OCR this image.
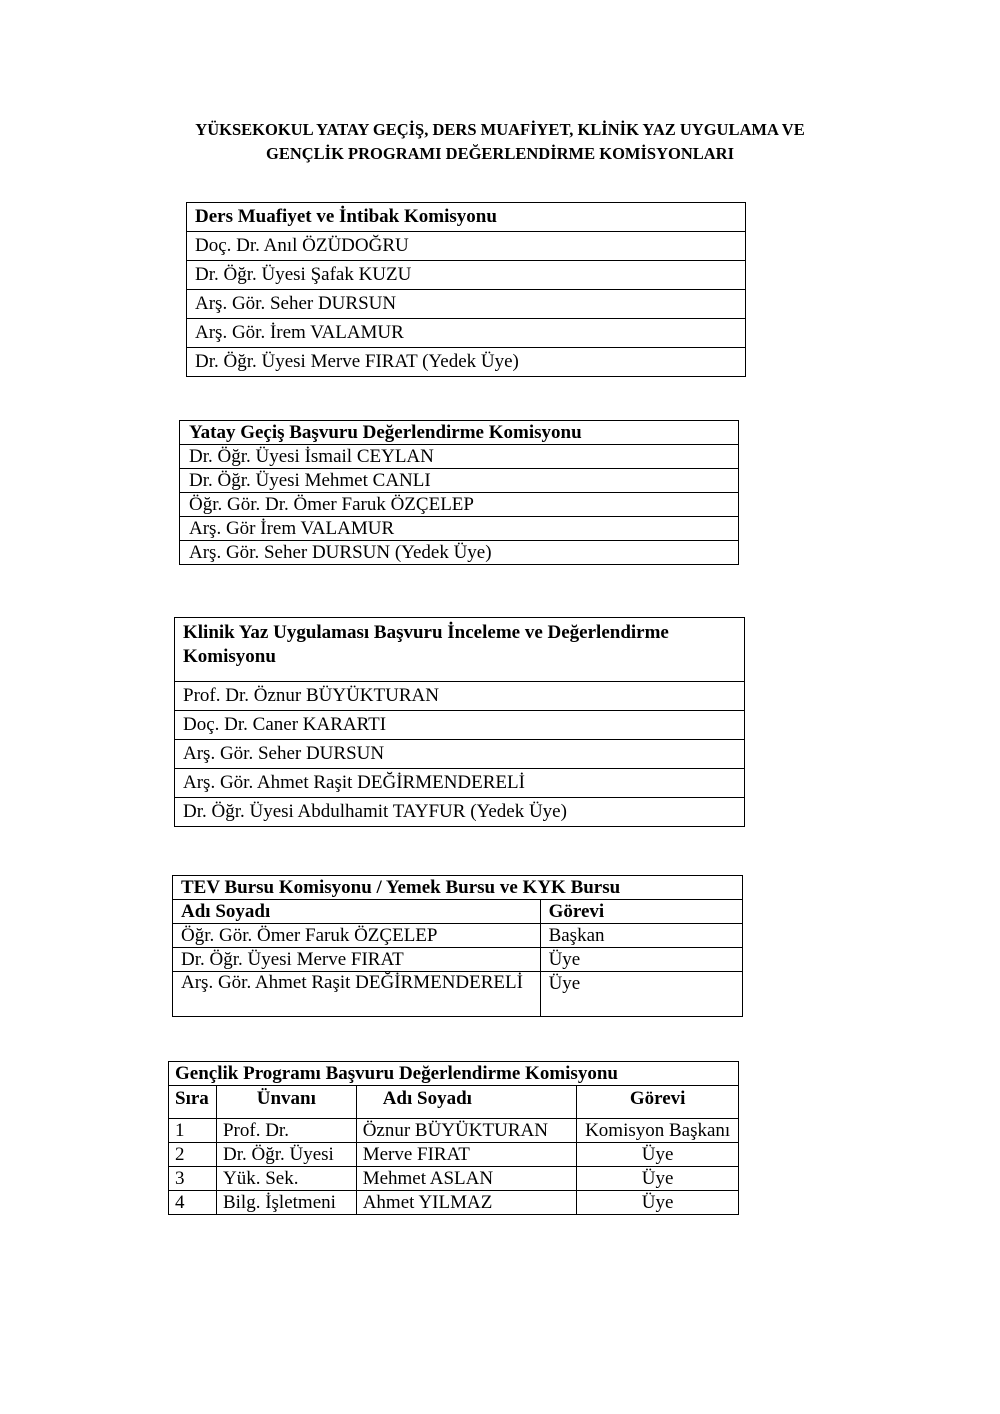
YÜKSEKOKUL YATAY GEÇİŞ, DERS MUAFİYET, KLİNİK YAZ UYGULAMA VE
GENÇLİK PROGRAMI DEĞERLENDİRME KOMİSYONLARI
Ders Muafiyet ve İntibak Komisyonu
Doç. Dr. Anıl ÖZÜDOĞRU
Dr. Öğr. Üyesi Şafak KUZU
Arş. Gör. Seher DURSUN
Arş. Gör. İrem VALAMUR
Dr. Öğr. Üyesi Merve FIRAT (Yedek Üye)
Yatay Geçiş Başvuru Değerlendirme Komisyonu
Dr. Öğr. Üyesi İsmail CEYLAN
Dr. Öğr. Üyesi Mehmet CANLI
Öğr. Gör. Dr. Ömer Faruk ÖZÇELEP
Arş. Gör İrem VALAMUR
Arş. Gör. Seher DURSUN (Yedek Üye)
Klinik Yaz Uygulaması Başvuru İnceleme ve Değerlendirme Komisyonu
Prof. Dr. Öznur BÜYÜKTURAN
Doç. Dr. Caner KARARTI
Arş. Gör. Seher DURSUN
Arş. Gör. Ahmet Raşit DEĞİRMENDERELİ
Dr. Öğr. Üyesi Abdulhamit TAYFUR (Yedek Üye)
TEV Bursu Komisyonu / Yemek Bursu ve KYK Bursu	
Adı Soyadı	Görevi
Öğr. Gör. Ömer Faruk ÖZÇELEP	Başkan
Dr. Öğr. Üyesi Merve FIRAT	Üye
Arş. Gör. Ahmet Raşit DEĞİRMENDERELİ	Üye
Gençlik Programı Başvuru Değerlendirme Komisyonu			
Sıra	Ünvanı	Adı Soyadı	Görevi
1	Prof. Dr.	Öznur BÜYÜKTURAN	Komisyon Başkanı
2	Dr. Öğr. Üyesi	Merve FIRAT	Üye
3	Yük. Sek.	Mehmet ASLAN	Üye
4	Bilg. İşletmeni	Ahmet YILMAZ	Üye
